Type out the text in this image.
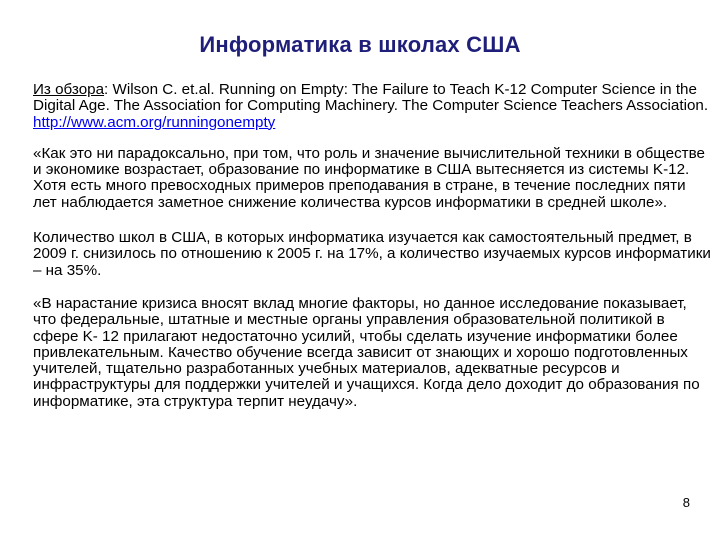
Информатика в школах США

Из обзора: Wilson C. et.al. Running on Empty: The Failure to Teach K-12 Computer Science in the Digital Age. The Association for Computing Machinery. The Computer Science Teachers Association. http://www.acm.org/runningonempty

«Как это ни парадоксально, при том, что роль и значение вычислительной техники в обществе и экономике возрастает, образование по информатике в США вытесняется из системы K-12. Хотя есть много превосходных примеров преподавания в стране, в течение последних пяти лет наблюдается заметное снижение количества курсов информатики в средней школе».

Количество школ в США, в которых информатика изучается как самостоятельный предмет, в 2009 г. снизилось по отношению к 2005 г. на 17%, а количество изучаемых курсов информатики – на 35%.

«В нарастание кризиса вносят вклад многие факторы, но данное исследование показывает, что федеральные, штатные и местные органы управления образовательной политикой в сфере K- 12 прилагают недостаточно усилий, чтобы сделать изучение информатики более привлекательным. Качество обучение всегда зависит от знающих и хорошо подготовленных учителей, тщательно разработанных учебных материалов, адекватные ресурсов и инфраструктуры для поддержки учителей и учащихся. Когда дело доходит до образования по информатике, эта структура терпит неудачу».

8
